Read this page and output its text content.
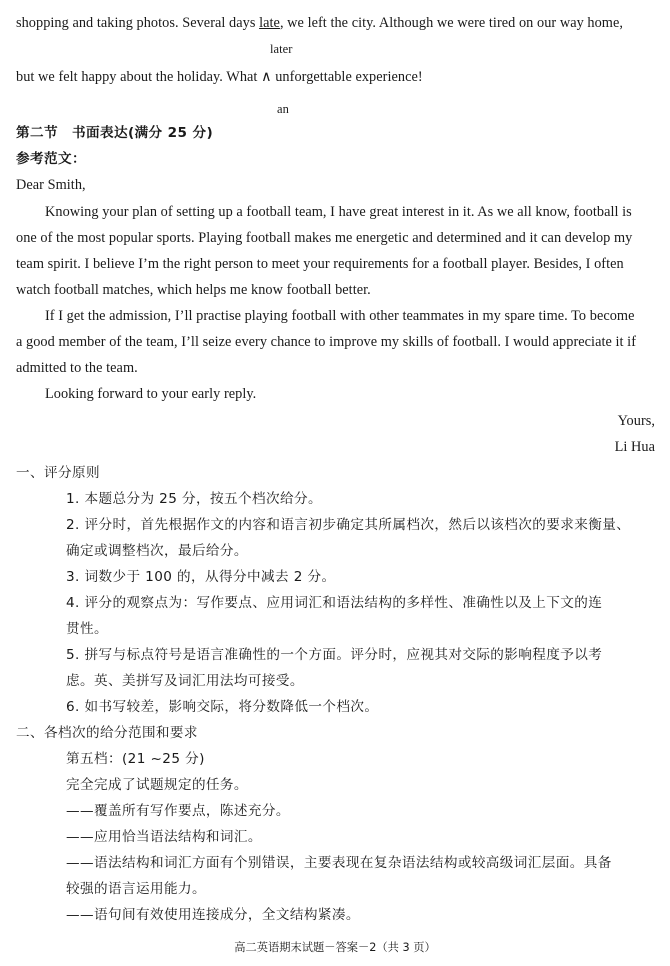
shopping and taking photos. Several days late, we left the city. Although we were tired on our way home,
later
but we felt happy about the holiday. What ∧ unforgettable experience!
an
第二节　书面表达(满分 25 分)
参考范文：
Dear Smith,
Knowing your plan of setting up a football team, I have great interest in it. As we all know, football is
one of the most popular sports. Playing football makes me energetic and determined and it can develop my
team spirit. I believe I’m the right person to meet your requirements for a football player. Besides, I often
watch football matches, which helps me know football better.
If I get the admission, I’ll practise playing football with other teammates in my spare time. To become
a good member of the team, I’ll seize every chance to improve my skills of football. I would appreciate it if
admitted to the team.
Looking forward to your early reply.
Yours,
Li Hua
一、评分原则
1. 本题总分为 25 分，按五个档次给分。
2. 评分时，首先根据作文的内容和语言初步确定其所属档次，然后以该档次的要求来衡量、
确定或调整档次，最后给分。
3. 词数少于 100 的，从得分中减去 2 分。
4. 评分的观察点为：写作要点、应用词汇和语法结构的多样性、准确性以及上下文的连
贯性。
5. 拼写与标点符号是语言准确性的一个方面。评分时，应视其对交际的影响程度予以考
虑。英、美拼写及词汇用法均可接受。
6. 如书写较差，影响交际，将分数降低一个档次。
二、各档次的给分范围和要求
第五档：(21 ~25 分)
完全完成了试题规定的任务。
——覆盖所有写作要点，陈述充分。
——应用恰当语法结构和词汇。
——语法结构和词汇方面有个别错误，主要表现在复杂语法结构或较高级词汇层面。具备
较强的语言运用能力。
——语句间有效使用连接成分，全文结构紧凑。
高二英语期末试题－答案－2（共 3 页）
